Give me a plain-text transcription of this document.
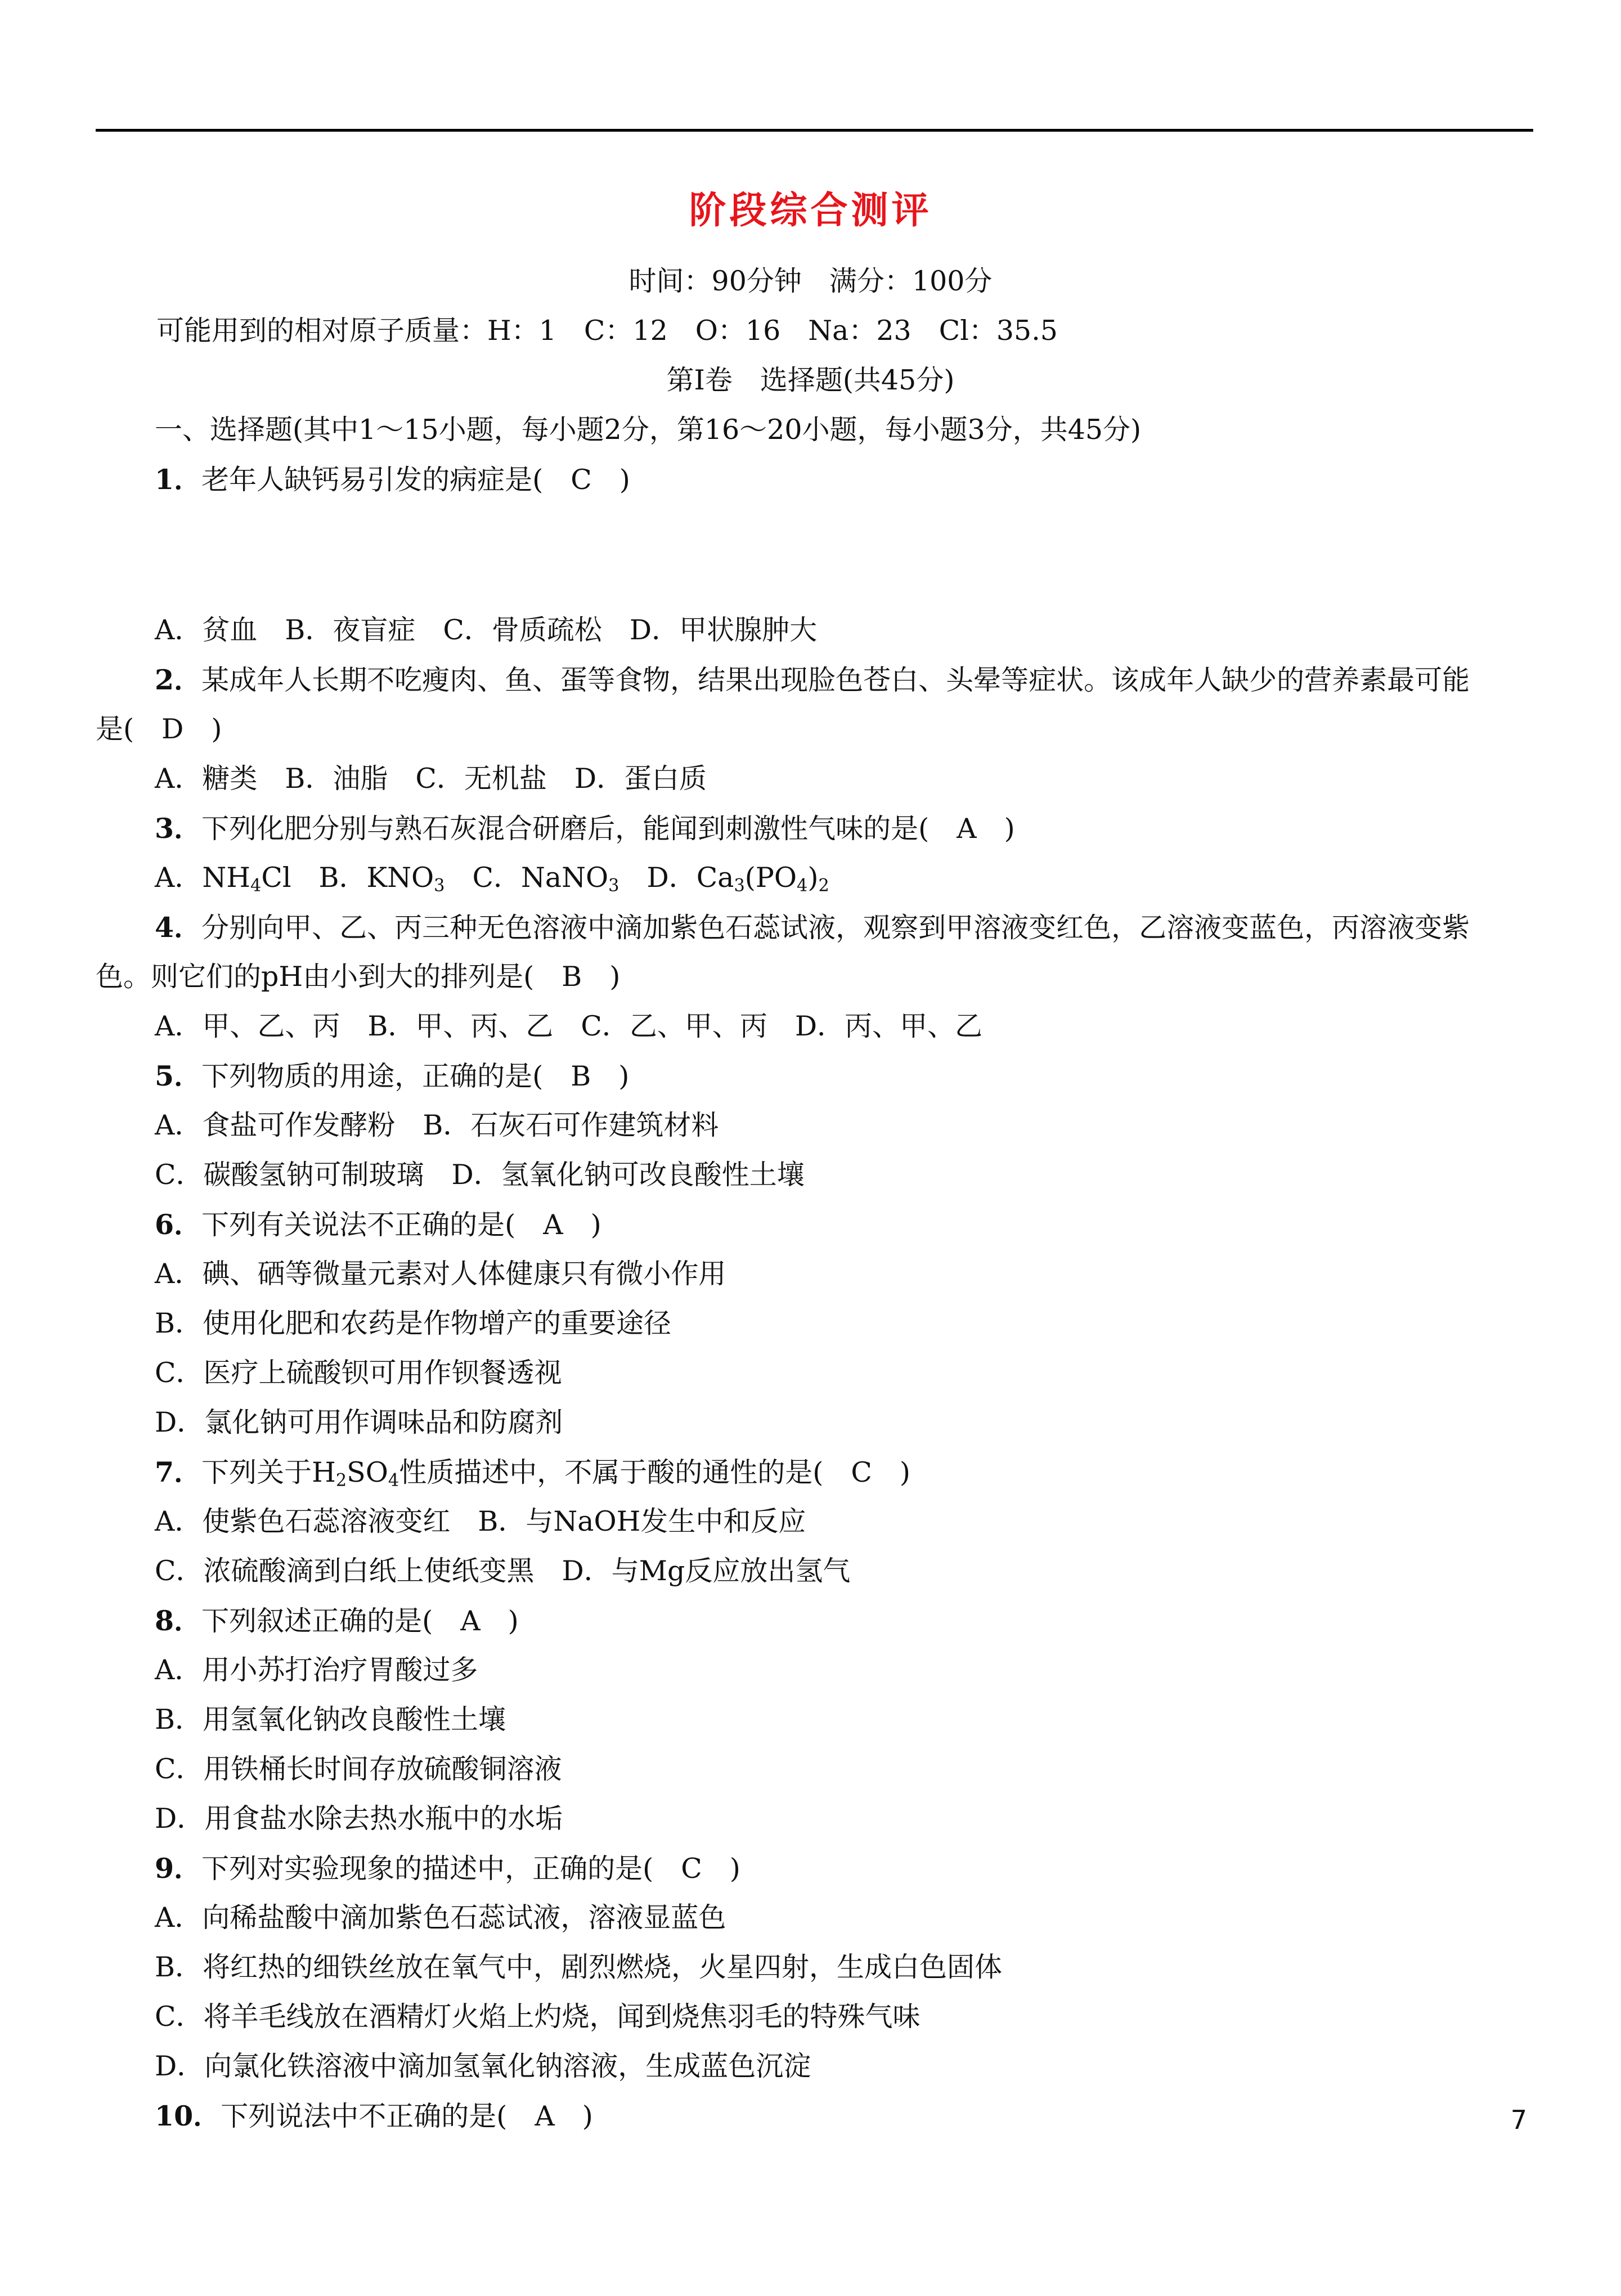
阶段综合测评
时间：90分钟　满分：100分
可能用到的相对原子质量：H：1　C：12　O：16　Na：23　Cl：35.5
第Ⅰ卷　选择题(共45分)
一、选择题(其中1～15小题，每小题2分，第16～20小题，每小题3分，共45分)
1．老年人缺钙易引发的病症是(　C　)
A．贫血　B．夜盲症　C．骨质疏松　D．甲状腺肿大
2．某成年人长期不吃瘦肉、鱼、蛋等食物，结果出现脸色苍白、头晕等症状。该成年人缺少的营养素最可能
是(　D　)
A．糖类　B．油脂　C．无机盐　D．蛋白质
3．下列化肥分别与熟石灰混合研磨后，能闻到刺激性气味的是(　A　)
A．$NH_4Cl$　B．$KNO_3$　C．NaNO$_3$　D．$Ca_3(PO_4)_2$
4．分别向甲、乙、丙三种无色溶液中滴加紫色石蕊试液，观察到甲溶液变红色，乙溶液变蓝色，丙溶液变紫
色。则它们的pH由小到大的排列是(　B　)
A．甲、乙、丙　B．甲、丙、乙　C．乙、甲、丙　D．丙、甲、乙
5．下列物质的用途，正确的是(　B　)
A．食盐可作发酵粉　B．石灰石可作建筑材料
C．碳酸氢钠可制玻璃　D．氢氧化钠可改良酸性土壤
6．下列有关说法不正确的是(　A　)
A．碘、硒等微量元素对人体健康只有微小作用
B．使用化肥和农药是作物增产的重要途径
C．医疗上硫酸钡可用作钡餐透视
D．氯化钠可用作调味品和防腐剂
7．下列关于$H_2SO_4$性质描述中，不属于酸的通性的是(　C　)
A．使紫色石蕊溶液变红　B．与NaOH发生中和反应
C．浓硫酸滴到白纸上使纸变黑　D．与Mg反应放出氢气
8．下列叙述正确的是(　A　)
A．用小苏打治疗胃酸过多
B．用氢氧化钠改良酸性土壤
C．用铁桶长时间存放硫酸铜溶液
D．用食盐水除去热水瓶中的水垢
9．下列对实验现象的描述中，正确的是(　C　)
A．向稀盐酸中滴加紫色石蕊试液，溶液显蓝色
B．将红热的细铁丝放在氧气中，剧烈燃烧，火星四射，生成白色固体
C．将羊毛线放在酒精灯火焰上灼烧，闻到烧焦羽毛的特殊气味
D．向氯化铁溶液中滴加氢氧化钠溶液，生成蓝色沉淀
10．下列说法中不正确的是(　A　)	7
